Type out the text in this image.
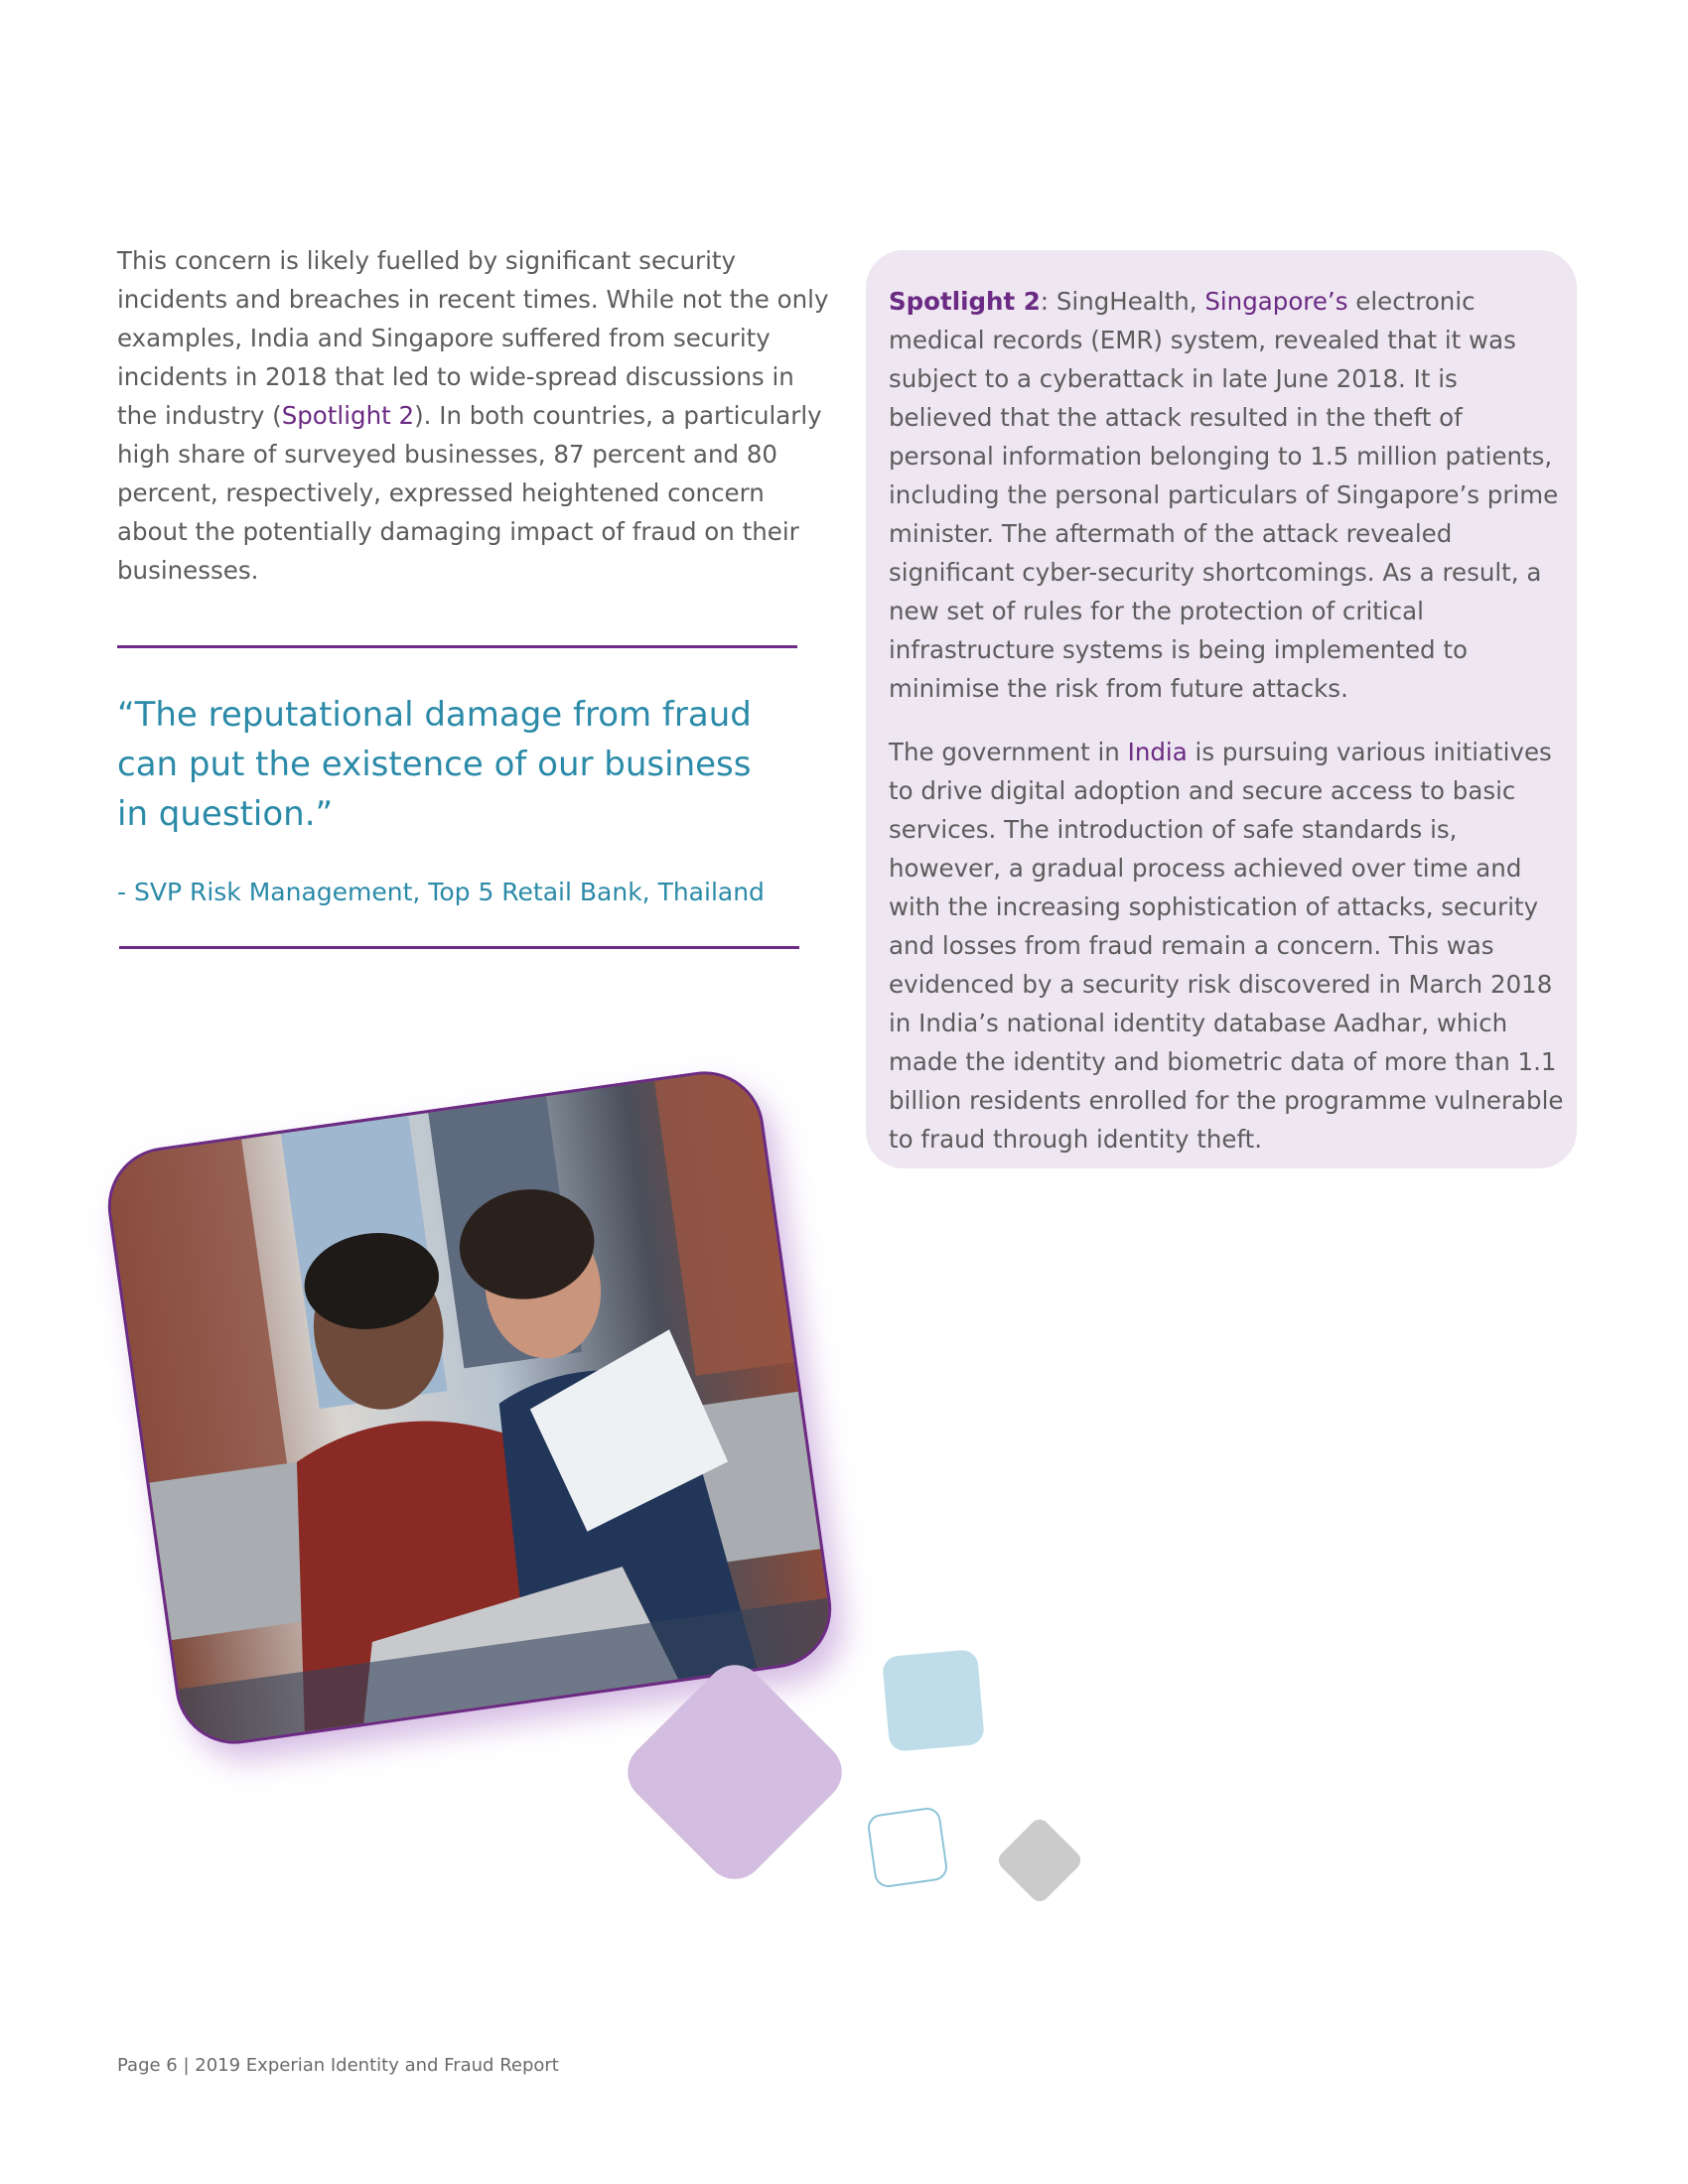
This concern is likely fuelled by significant security incidents and breaches in recent times. While not the only examples, India and Singapore suffered from security incidents in 2018 that led to wide-spread discussions in the industry (Spotlight 2). In both countries, a particularly high share of surveyed businesses, 87 percent and 80 percent, respectively, expressed heightened concern about the potentially damaging impact of fraud on their businesses.

“The reputational damage from fraud can put the existence of our business in question.”

- SVP Risk Management, Top 5 Retail Bank, Thailand

Spotlight 2: SingHealth, Singapore’s electronic medical records (EMR) system, revealed that it was subject to a cyberattack in late June 2018. It is believed that the attack resulted in the theft of personal information belonging to 1.5 million patients, including the personal particulars of Singapore’s prime minister. The aftermath of the attack revealed significant cyber-security shortcomings. As a result, a new set of rules for the protection of critical infrastructure systems is being implemented to minimise the risk from future attacks.

The government in India is pursuing various initiatives to drive digital adoption and secure access to basic services. The introduction of safe standards is, however, a gradual process achieved over time and with the increasing sophistication of attacks, security and losses from fraud remain a concern. This was evidenced by a security risk discovered in March 2018 in India’s national identity database Aadhar, which made the identity and biometric data of more than 1.1 billion residents enrolled for the programme vulnerable to fraud through identity theft.

Page 6 | 2019 Experian Identity and Fraud Report
